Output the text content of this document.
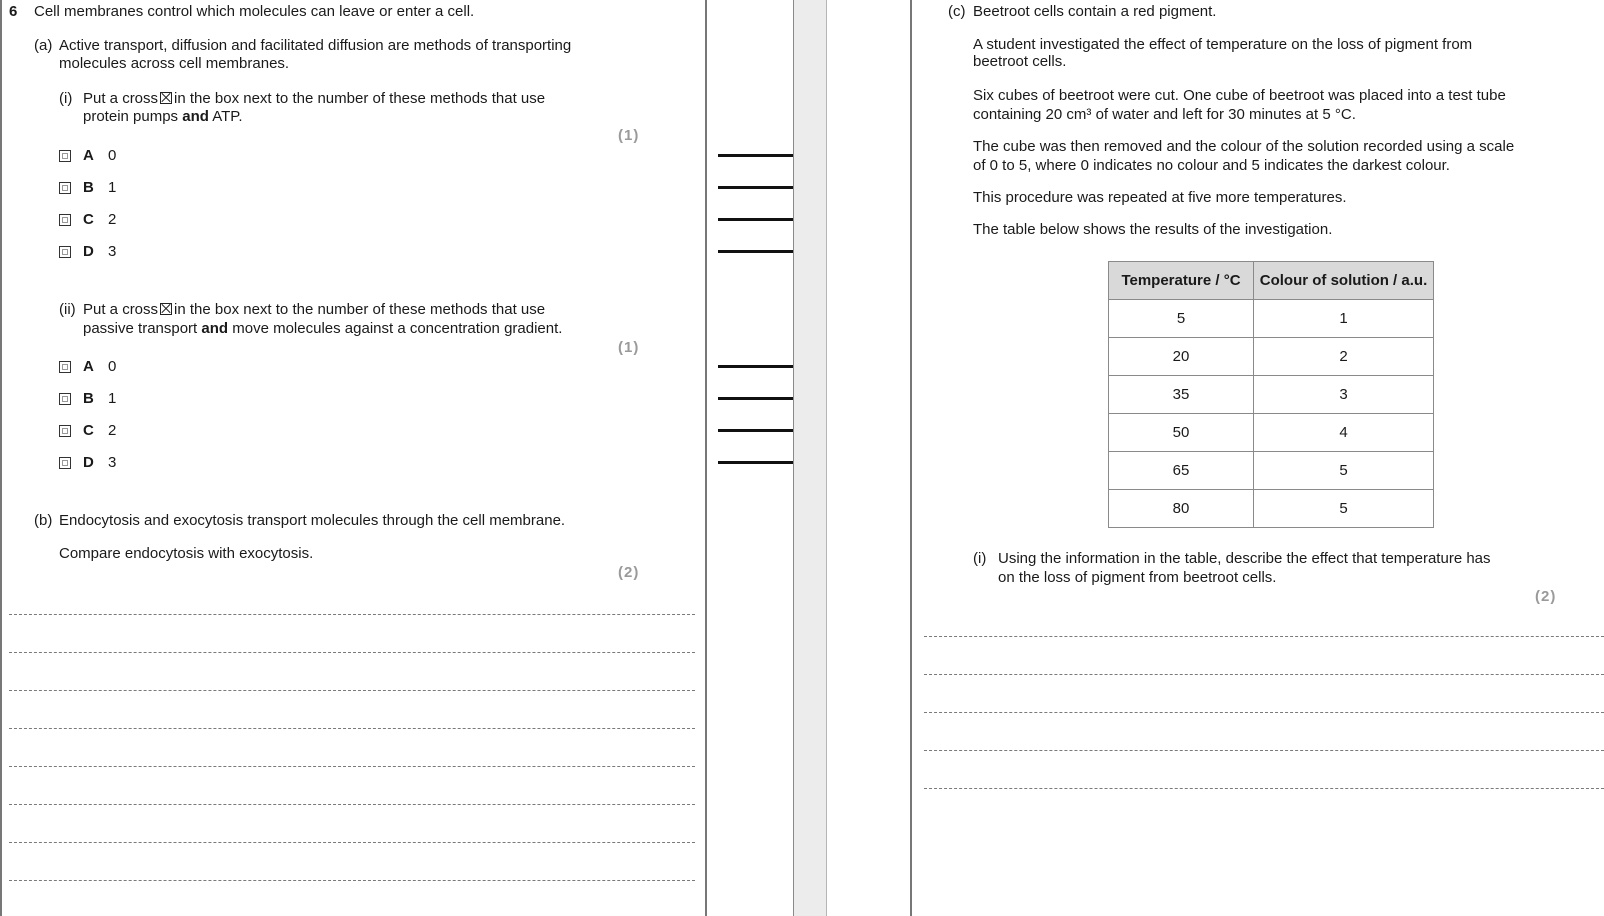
6 Cell membranes control which molecules can leave or enter a cell.
(a) Active transport, diffusion and facilitated diffusion are methods of transporting
molecules across cell membranes.
(i) Put a cross ☒ in the box next to the number of these methods that use
protein pumps and ATP.
(1)
A 0
B 1
C 2
D 3
(ii) Put a cross ☒ in the box next to the number of these methods that use
passive transport and move molecules against a concentration gradient.
(1)
A 0
B 1
C 2
D 3
(b) Endocytosis and exocytosis transport molecules through the cell membrane.
Compare endocytosis with exocytosis.
(2)
(c) Beetroot cells contain a red pigment.
A student investigated the effect of temperature on the loss of pigment from
beetroot cells.
Six cubes of beetroot were cut. One cube of beetroot was placed into a test tube
containing 20 cm³ of water and left for 30 minutes at 5 °C.
The cube was then removed and the colour of the solution recorded using a scale
of 0 to 5, where 0 indicates no colour and 5 indicates the darkest colour.
This procedure was repeated at five more temperatures.
The table below shows the results of the investigation.
Temperature / °C	Colour of solution / a.u.
5	1
20	2
35	3
50	4
65	5
80	5
(i) Using the information in the table, describe the effect that temperature has
on the loss of pigment from beetroot cells.
(2)
